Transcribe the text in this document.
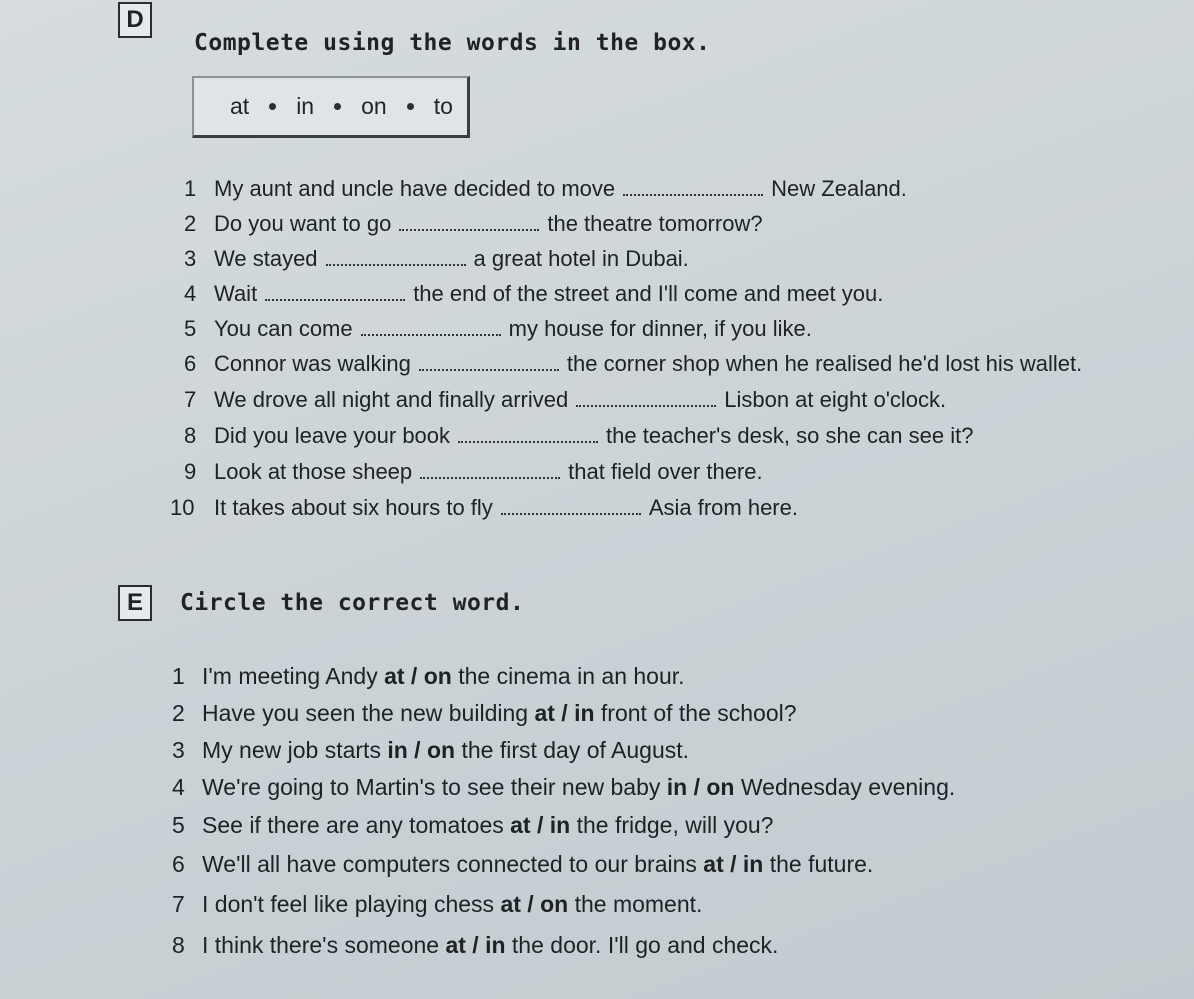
D
Complete using the words in the box.
at in on to
1 My aunt and uncle have decided to move	New Zealand.
2 Do you want to go	the theatre tomorrow?
3 We stayed	a great hotel in Dubai.
4 Wait	the end of the street and I'll come and meet you.
5 You can come	my house for dinner, if you like.
6 Connor was walking	the corner shop when he realised he'd lost his wallet.
7 We drove all night and finally arrived	Lisbon at eight o'clock.
8 Did you leave your book	the teacher's desk, so she can see it?
9 Look at those sheep	that field over there.
10 It takes about six hours to fly	Asia from here.
E	Circle the correct word.
1 I'm meeting Andy at / on the cinema in an hour.
2 Have you seen the new building at / in front of the school?
3 My new job starts in / on the first day of August.
4 We're going to Martin's to see their new baby in / on Wednesday evening.
5 See if there are any tomatoes at / in the fridge, will you?
6 We'll all have computers connected to our brains at / in the future.
7 I don't feel like playing chess at / on the moment.
8 I think there's someone at / in the door. I'll go and check.
